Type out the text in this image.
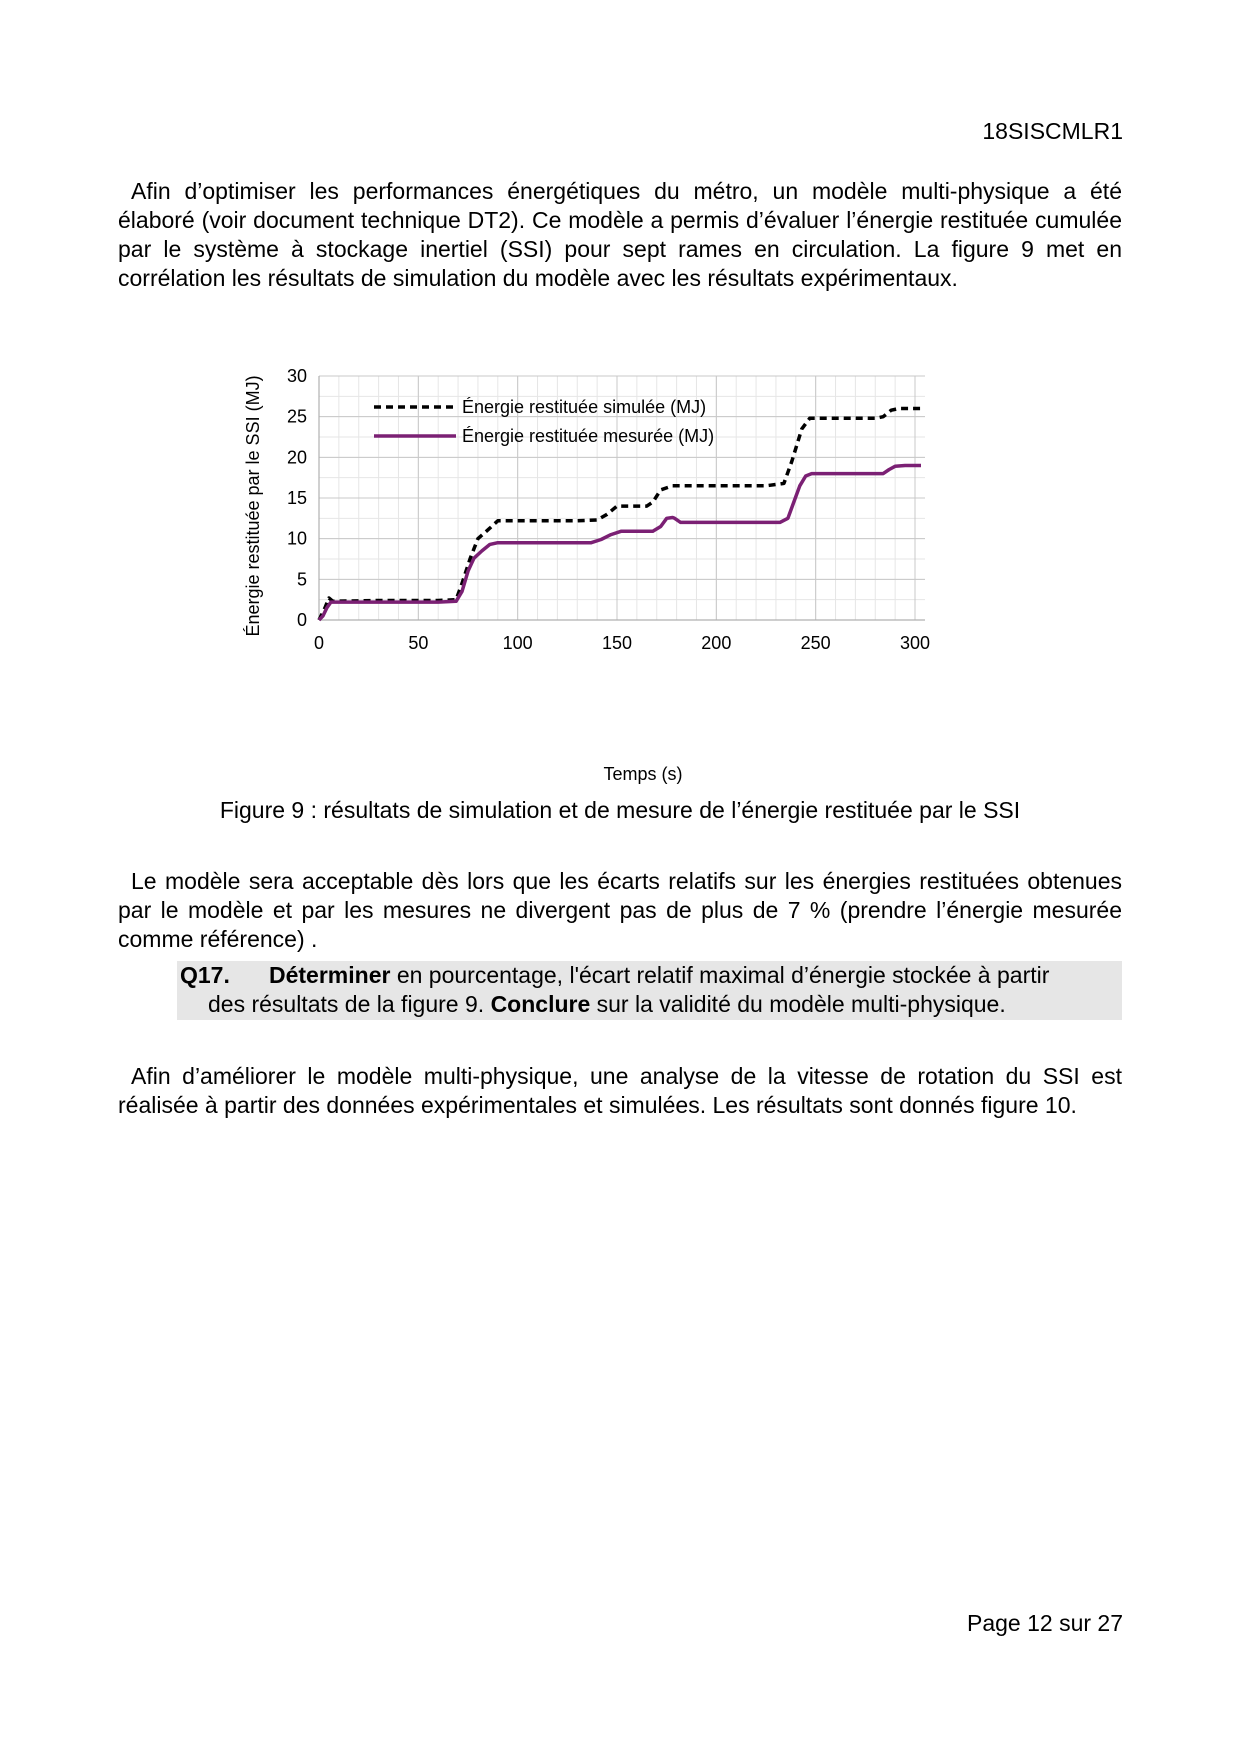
18SISCMLR1

Afin d’optimiser les performances énergétiques du métro, un modèle multi-physique a été élaboré (voir document technique DT2). Ce modèle a permis d’évaluer l’énergie restituée cumulée par le système à stockage inertiel (SSI) pour sept rames en circulation. La figure 9 met en corrélation les résultats de simulation du modèle avec les résultats expérimentaux.

0
5
10
15
20
25
30
0	50	100	150	200	250	300
Temps (s)
Énergie restituée par le SSI (MJ)	Énergie restituée simulée (MJ)
Énergie restituée mesurée (MJ)
Figure 9 : résultats de simulation et de mesure de l’énergie restituée par le SSI

Le modèle sera acceptable dès lors que les écarts relatifs sur les énergies restituées obtenues par le modèle et par les mesures ne divergent pas de plus de 7 % (prendre l’énergie mesurée comme référence) .

Q17. Déterminer en pourcentage, l'écart relatif maximal d’énergie stockée à partir
des résultats de la figure 9. Conclure sur la validité du modèle multi-physique.

Afin d’améliorer le modèle multi-physique, une analyse de la vitesse de rotation du SSI est réalisée à partir des données expérimentales et simulées. Les résultats sont donnés figure 10.

Page 12 sur 27
